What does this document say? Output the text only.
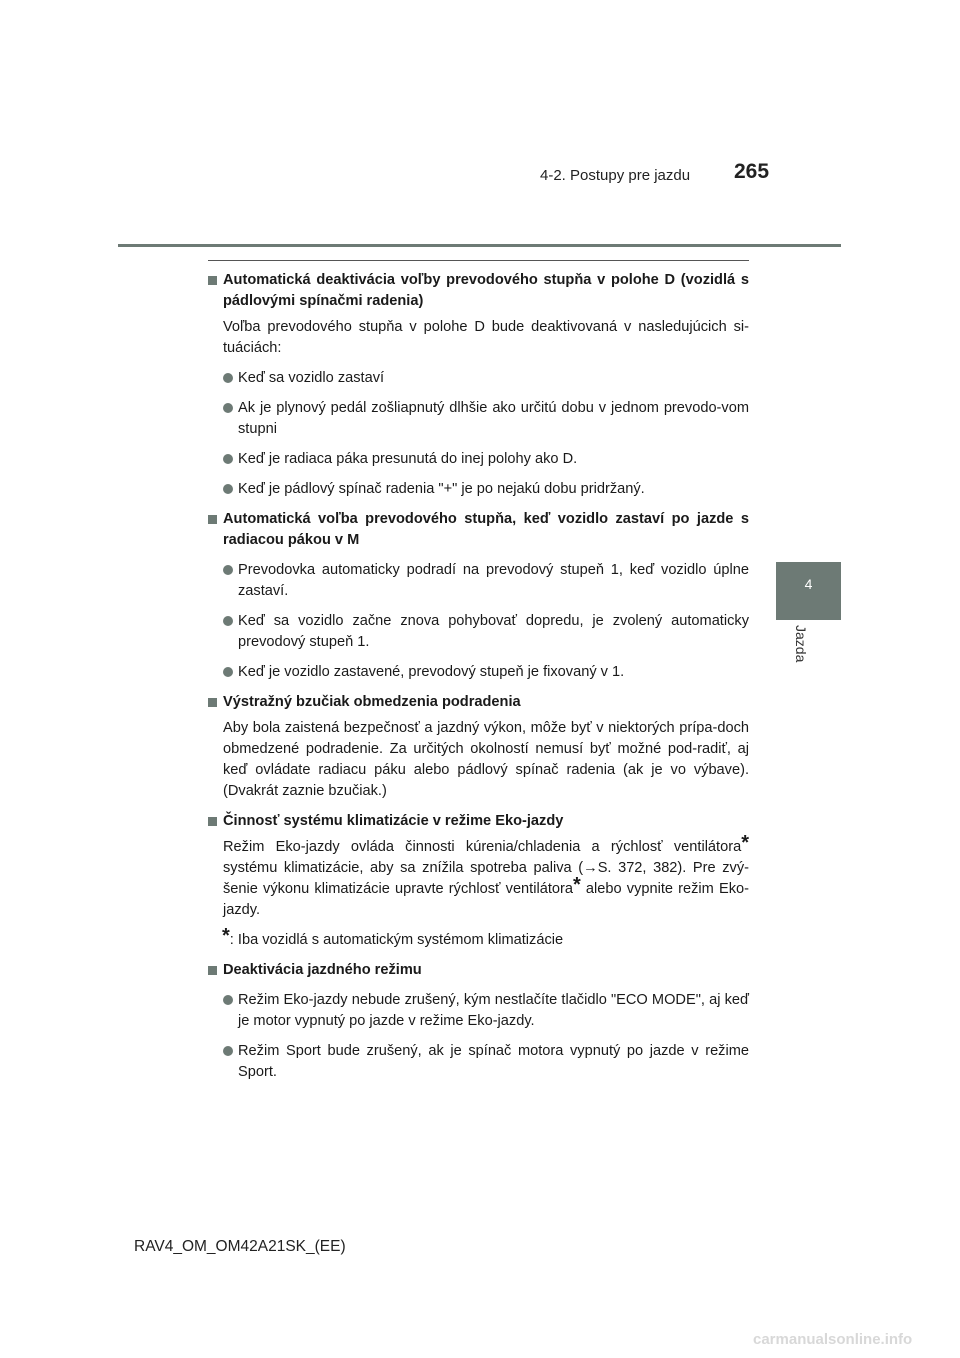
4-2. Postupy pre jazdu 265
4
Jazda
Automatická deaktivácia voľby prevodového stupňa v polohe D (vozidlá s pádlovými spínačmi radenia)
Voľba prevodového stupňa v polohe D bude deaktivovaná v nasledujúcich si-tuáciách:
Keď sa vozidlo zastaví
Ak je plynový pedál zošliapnutý dlhšie ako určitú dobu v jednom prevodo-vom stupni
Keď je radiaca páka presunutá do inej polohy ako D.
Keď je pádlový spínač radenia "+" je po nejakú dobu pridržaný.
Automatická voľba prevodového stupňa, keď vozidlo zastaví po jazde s radiacou pákou v M
Prevodovka automaticky podradí na prevodový stupeň 1, keď vozidlo úplne zastaví.
Keď sa vozidlo začne znova pohybovať dopredu, je zvolený automaticky prevodový stupeň 1.
Keď je vozidlo zastavené, prevodový stupeň je fixovaný v 1.
Výstražný bzučiak obmedzenia podradenia
Aby bola zaistená bezpečnosť a jazdný výkon, môže byť v niektorých prípa-doch obmedzené podradenie. Za určitých okolností nemusí byť možné pod-radiť, aj keď ovládate radiacu páku alebo pádlový spínač radenia (ak je vo výbave). (Dvakrát zaznie bzučiak.)
Činnosť systému klimatizácie v režime Eko-jazdy
Režim Eko-jazdy ovláda činnosti kúrenia/chladenia a rýchlosť ventilátora* systému klimatizácie, aby sa znížila spotreba paliva (→S. 372, 382). Pre zvý-šenie výkonu klimatizácie upravte rýchlosť ventilátora* alebo vypnite režim Eko-jazdy.
*: Iba vozidlá s automatickým systémom klimatizácie
Deaktivácia jazdného režimu
Režim Eko-jazdy nebude zrušený, kým nestlačíte tlačidlo "ECO MODE", aj keď je motor vypnutý po jazde v režime Eko-jazdy.
Režim Sport bude zrušený, ak je spínač motora vypnutý po jazde v režime Sport.
RAV4_OM_OM42A21SK_(EE)
carmanualsonline.info
